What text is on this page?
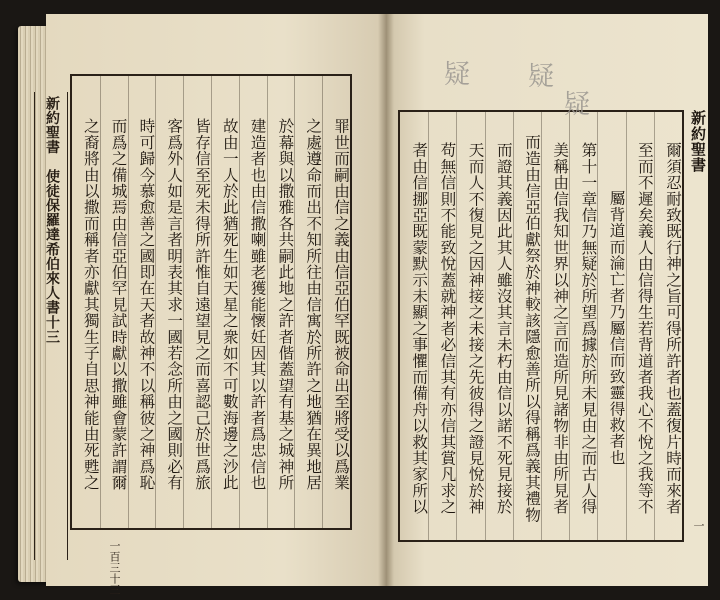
新約聖書　使徒保羅達希伯來人書十三	罪世而嗣由信之義由信亞伯罕既被命出至將受以爲業
之處遵命而出不知所往由信寓於所許之地猶在異地居
於幕與以撒雅各共嗣此地之許者偕蓋望有基之城神所
建造者也由信撒喇雖老獲能懷妊因其以許者爲忠信也
故由一人於此猶死生如天星之衆如不可數海邊之沙此
皆存信至死未得所許惟自遠望見之而喜認己於世爲旅
客爲外人如是言者明表其求一國若念所由之國則必有
時可歸今慕愈善之國即在天者故神不以稱彼之神爲恥
而爲之備城焉由信亞伯罕見試時獻以撒雖會蒙許謂爾
之裔將由以撒而稱者亦獻其獨生子自思神能由死甦之	爾須忍耐致既行神之旨可得所許者也蓋復片時而來者
至而不遲矣義人由信得生若背道者我心不悅之我等不
屬背道而淪亡者乃屬信而致靈得救者也
第十一章信乃無疑於所望爲據於所未見由之而古人得
美稱由信我知世界以神之言而造所見諸物非由所見者
而造由信亞伯獻祭於神較該隱愈善所以得稱爲義其禮物
而證其義因此其人雖沒其言未朽由信以諾不死見接於
天而人不復見之因神接之未接之先彼得之證見悅於神
苟無信則不能致悅蓋就神者必信其有亦信其賞凡求之
者由信挪亞既蒙默示未顯之事懼而備舟以救其家所以
新約聖書
一百三十三
一
疑 疑
疑
